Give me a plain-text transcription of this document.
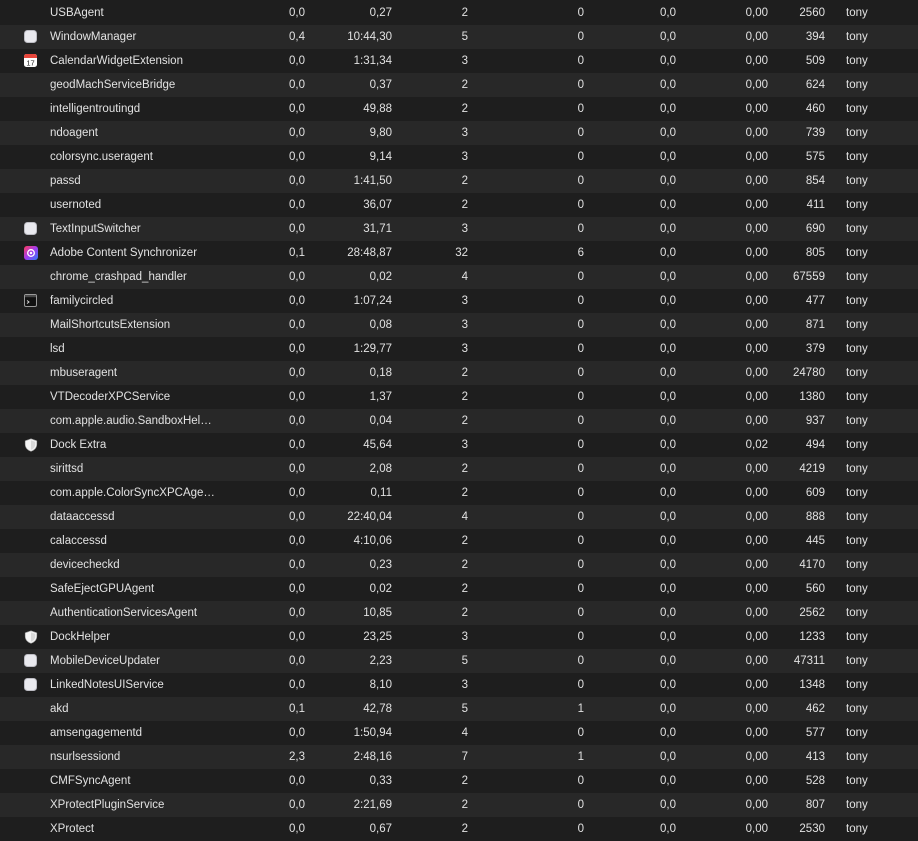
USBAgent	0,0	0,27	2	0	0,0	0,00	2560 tony
WindowManager	0,4	10:44,30	5	0	0,0	0,00	394 tony
17 CalendarWidgetExtension	0,0	1:31,34	3	0	0,0	0,00	509 tony
geodMachServiceBridge	0,0	0,37	2	0	0,0	0,00	624 tony
intelligentroutingd	0,0	49,88	2	0	0,0	0,00	460 tony
ndoagent	0,0	9,80	3	0	0,0	0,00	739 tony
colorsync.useragent	0,0	9,14	3	0	0,0	0,00	575 tony
passd	0,0	1:41,50	2	0	0,0	0,00	854 tony
usernoted	0,0	36,07	2	0	0,0	0,00	411 tony
TextInputSwitcher	0,0	31,71	3	0	0,0	0,00	690 tony
Adobe Content Synchronizer	0,1	28:48,87	32	6	0,0	0,00	805 tony
chrome_crashpad_handler	0,0	0,02	4	0	0,0	0,00 67559 tony
familycircled	0,0	1:07,24	3	0	0,0	0,00	477 tony
MailShortcutsExtension	0,0	0,08	3	0	0,0	0,00	871 tony
lsd	0,0	1:29,77	3	0	0,0	0,00	379 tony
mbuseragent	0,0	0,18	2	0	0,0	0,00 24780 tony
VTDecoderXPCService	0,0	1,37	2	0	0,0	0,00	1380 tony
com.apple.audio.SandboxHel…	0,0	0,04	2	0	0,0	0,00	937 tony
Dock Extra	0,0	45,64	3	0	0,0	0,02	494 tony
sirittsd	0,0	2,08	2	0	0,0	0,00	4219 tony
com.apple.ColorSyncXPCAge…	0,0	0,11	2	0	0,0	0,00	609 tony
dataaccessd	0,0	22:40,04	4	0	0,0	0,00	888 tony
calaccessd	0,0	4:10,06	2	0	0,0	0,00	445 tony
devicecheckd	0,0	0,23	2	0	0,0	0,00	4170 tony
SafeEjectGPUAgent	0,0	0,02	2	0	0,0	0,00	560 tony
AuthenticationServicesAgent	0,0	10,85	2	0	0,0	0,00	2562 tony
DockHelper	0,0	23,25	3	0	0,0	0,00	1233 tony
MobileDeviceUpdater	0,0	2,23	5	0	0,0	0,00 47311 tony
LinkedNotesUIService	0,0	8,10	3	0	0,0	0,00	1348 tony
akd	0,1	42,78	5	1	0,0	0,00	462 tony
amsengagementd	0,0	1:50,94	4	0	0,0	0,00	577 tony
nsurlsessiond	2,3	2:48,16	7	1	0,0	0,00	413 tony
CMFSyncAgent	0,0	0,33	2	0	0,0	0,00	528 tony
XProtectPluginService	0,0	2:21,69	2	0	0,0	0,00	807 tony
XProtect	0,0	0,67	2	0	0,0	0,00	2530 tony
